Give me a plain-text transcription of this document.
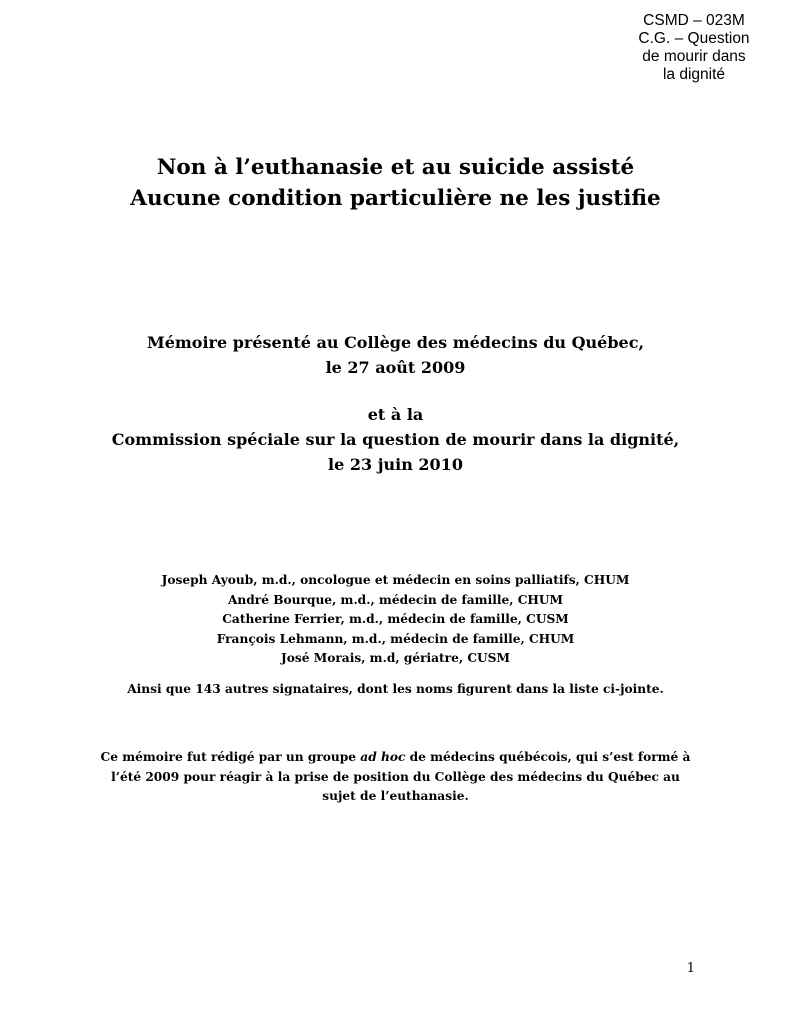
CSMD – 023M
C.G. – Question
de mourir dans
la dignité
Non à l’euthanasie et au suicide assisté
Aucune condition particulière ne les justifie
Mémoire présenté au Collège des médecins du Québec,
le 27 août 2009
et à la
Commission spéciale sur la question de mourir dans la dignité,
le 23 juin 2010
Joseph Ayoub, m.d., oncologue et médecin en soins palliatifs, CHUM
André Bourque, m.d., médecin de famille, CHUM
Catherine Ferrier, m.d., médecin de famille, CUSM
François Lehmann, m.d., médecin de famille, CHUM
José Morais, m.d, gériatre, CUSM
Ainsi que 143 autres signataires, dont les noms figurent dans la liste ci-jointe.
Ce mémoire fut rédigé par un groupe ad hoc de médecins québécois, qui s’est formé à
l’été 2009 pour réagir à la prise de position du Collège des médecins du Québec au
sujet de l’euthanasie.
1
